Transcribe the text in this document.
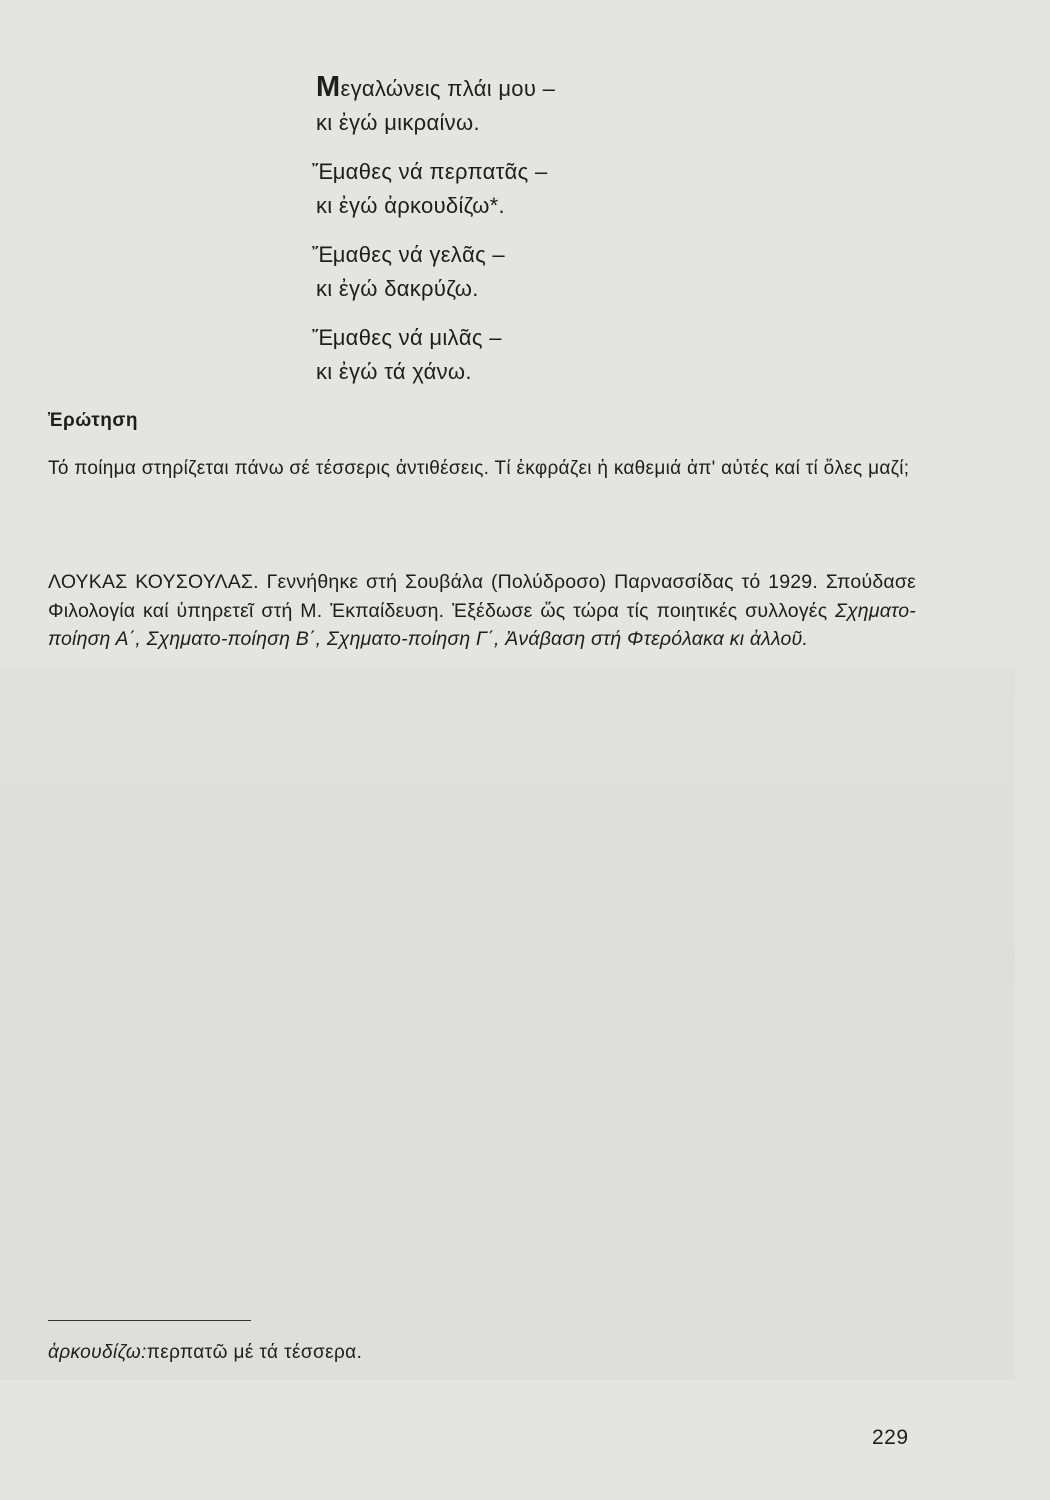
Μεγαλώνεις πλάι μου –
κι ἐγώ μικραίνω.
Ἔμαθες νά περπατᾶς –
κι ἐγώ ἀρκουδίζω*.
Ἔμαθες νά γελᾶς –
κι ἐγώ δακρύζω.
Ἔμαθες νά μιλᾶς –
κι ἐγώ τά χάνω.
Ἐρώτηση
Τό ποίημα στηρίζεται πάνω σέ τέσσερις ἀντιθέσεις. Τί ἐκφράζει ἡ καθεμιά ἀπ' αὐτές καί τί ὅλες μαζί;
ΛΟΥΚΑΣ ΚΟΥΣΟΥΛΑΣ. Γεννήθηκε στή Σουβάλα (Πολύδροσο) Παρνασσίδας τό 1929. Σπούδασε Φιλολογία καί ὑπηρετεῖ στή Μ. Ἐκπαίδευση. Ἐξέδωσε ὥς τώρα τίς ποιητικές συλλογές Σχηματο-ποίηση Α΄, Σχηματο-ποίηση Β΄, Σχηματο-ποίηση Γ΄, Ἀνάβαση στή Φτερόλακα κι ἀλλοῦ.
ἀρκουδίζω:περπατῶ μέ τά τέσσερα.
229
